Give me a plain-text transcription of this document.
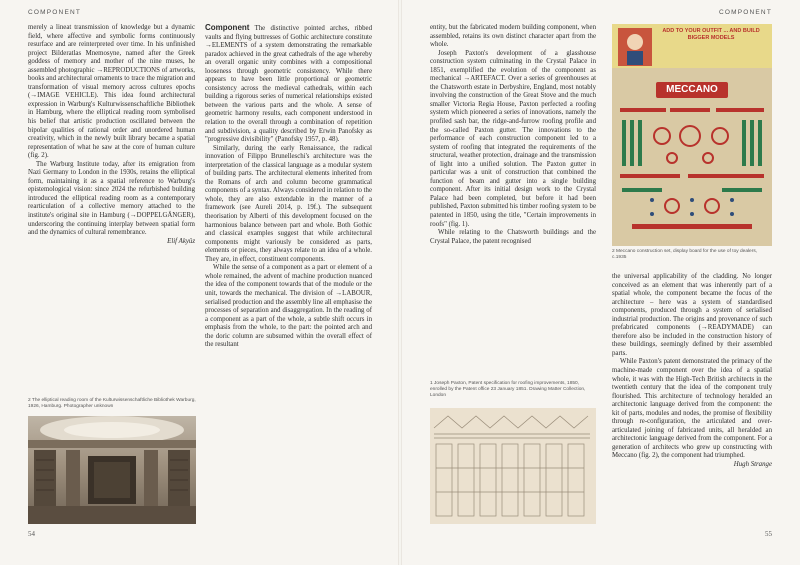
COMPONENT

merely a lineat transmission of knowledge but a dynamic field, where affective and symbolic forms continuously resurface and are reinterpreted over time. In his unfinished project Bilderatlas Mnemosyne, named after the Greek goddess of memory and mother of the nine muses, he assembled photographic →REPRODUCTIONS of artworks, books and architectural ornaments to trace the migration and transformation of visual memory across cultures epochs (→IMAGE VEHICLE). This idea found architectural expression in Warburg's Kulturwissenschaftliche Bibliothek in Hamburg, where the elliptical reading room symbolised his belief that artistic production oscillated between the bipolar qualities of rational order and unordered human creativity, which in the newly built library became a spatial representation of what he saw at the core of human culture (fig. 2).

The Warburg Institute today, after its emigration from Nazi Germany to London in the 1930s, retains the elliptical form, maintaining it as a spatial reference to Warburg's epistemological vision: since 2024 the refurbished building introduced the elliptical reading room as a contemporary rearticulation of a collective memory attached to the institute's original site in Hamburg (→DOPPELGÄNGER), underscoring the continuing interplay between spatial form and the dynamics of cultural remembrance.

Elif Akyüz
2 The elliptical reading room of the Kulturwissenschaftliche Bibliothek Warburg, 1926, Hamburg. Photographer unknown

Component The distinctive pointed arches, ribbed vaults and flying buttresses of Gothic architecture constitute →ELEMENTS of a system demonstrating the remarkable paradox achieved in the great cathedrals of the age whereby an overall organic unity combines with a compositional looseness through geometric consistency. While there appears to have been little proportional or geometric consistency across the medieval cathedrals, within each building a rigorous series of numerical relationships existed between the various parts and the whole. A sense of geometric harmony results, each component understood in relation to the overall through a combination of repetition and subdivision, a quality described by Erwin Panofsky as "progressive divisibility" (Panofsky 1957, p. 48).

Similarly, during the early Renaissance, the radical innovation of Filippo Brunelleschi's architecture was the interpretation of the classical language as a modular system of building parts. The architectural elements inherited from the Romans of arch and column become grammatical components of a syntax. Always considered in relation to the whole, they are also extendable in the manner of a framework (see Aureli 2014, p. 19f.). The subsequent theorisation by Alberti of this development focused on the harmonious balance between part and whole. Both Gothic and classical examples suggest that while architectural components might variously be considered as parts, elements or pieces, they always relate to an idea of a whole. They are, in effect, constituent components.

While the sense of a component as a part or element of a whole remained, the advent of machine production nuanced the idea of the component towards that of the module or the unit, towards the mechanical. The division of →LABOUR, serialised production and the assembly line all emphasise the processes of separation and disaggregation. In the reading of a component as a part of the whole, a subtle shift occurs in emphasis from the whole, to the part: the pointed arch and the doric column are subsumed within the overall effect of the resultant

54
COMPONENT

entity, but the fabricated modern building component, when assembled, retains its own distinct character apart from the whole.

Joseph Paxton's development of a glasshouse construction system culminating in the Crystal Palace in 1851, exemplified the evolution of the component as mechanical →ARTEFACT. Over a series of greenhouses at the Chatsworth estate in Derbyshire, England, most notably involving the construction of the Great Stove and the much smaller Victoria Regia House, Paxton perfected a roofing system which pioneered a series of innovations, namely the profiled sash bar, the ridge-and-furrow roofing profile and the so-called Paxton gutter. The innovations to the performance of each construction component led to a system of roofing that integrated the requirements of the structural, weather protection, drainage and the transmission of light into a unified solution. The Paxton gutter in particular was a unit of construction that combined the function of beam and gutter into a single building component. After its initial design work to the Crystal Palace had been completed, but before it had been published, Paxton submitted his timber roofing system to be patented in 1850, using the title, "Certain improvements in roofs" (fig. 1).

While relating to the Chatsworth buildings and the Crystal Palace, the patent recognised

1 Joseph Paxton, Patent specification for roofing improvements, 1850, enrolled by the Patent office 23 January 1851. Drawing Matter Collection, London
ADD TO YOUR OUTFIT ... AND BUILD BIGGER MODELS
MECCANO
2 Meccano construction set, display board for the use of toy dealers, c.1935

the universal applicability of the cladding. No longer conceived as an element that was inherently part of a spatial whole, the component became the focus of the architecture – here was a system of standardised components, produced through a system of serialised industrial production. The origins and provenance of such prefabricated components (→READYMADE) can therefore also be included in the construction history of these buildings, seemingly defined by their assembled parts.

While Paxton's patent demonstrated the primacy of the machine-made component over the idea of a spatial whole, it was with the High-Tech British architects in the twentieth century that the idea of the component truly flourished. This architecture of technology heralded an architectonic language derived from the component: the kit of parts, modules and nodes, the promise of flexibility through re-configuration, the articulated and over-articulated joining of fabricated units, all heralded an architectonic language derived from the component. For a generation of architects who grew up constructing with Meccano (fig. 2), the component had triumphed.

Hugh Strange
55
